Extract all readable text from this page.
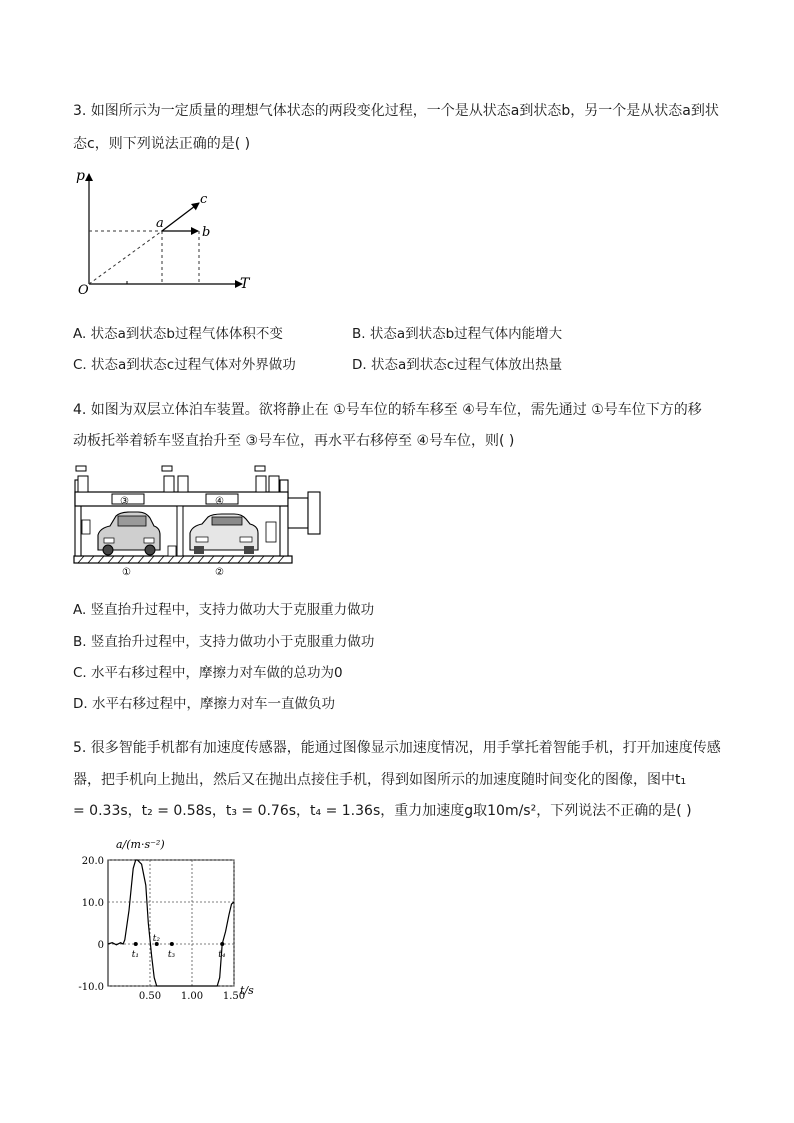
3. 如图所示为一定质量的理想气体状态的两段变化过程，一个是从状态a到状态b，另一个是从状态a到状
态c，则下列说法正确的是( )
p
T
O
a
b
c
A. 状态a到状态b过程气体体积不变	B. 状态a到状态b过程气体内能增大
C. 状态a到状态c过程气体对外界做功	D. 状态a到状态c过程气体放出热量
4. 如图为双层立体泊车装置。欲将静止在 ①号车位的轿车移至 ④号车位，需先通过 ①号车位下方的移
动板托举着轿车竖直抬升至 ③号车位，再水平右移停至 ④号车位，则( )
③	④
①	②
A. 竖直抬升过程中，支持力做功大于克服重力做功
B. 竖直抬升过程中，支持力做功小于克服重力做功
C. 水平右移过程中，摩擦力对车做的总功为0
D. 水平右移过程中，摩擦力对车一直做负功
5. 很多智能手机都有加速度传感器，能通过图像显示加速度情况，用手掌托着智能手机，打开加速度传感
器，把手机向上抛出，然后又在抛出点接住手机，得到如图所示的加速度随时间变化的图像，图中t₁
= 0.33s，t₂ = 0.58s，t₃ = 0.76s，t₄ = 1.36s，重力加速度g取10m/s²，下列说法不正确的是( )
a/(m·s⁻²)
t/s
20.0
10.0
0
-10.0
0.50 1.00 1.50
t₁
t₂
t₃	t₄
